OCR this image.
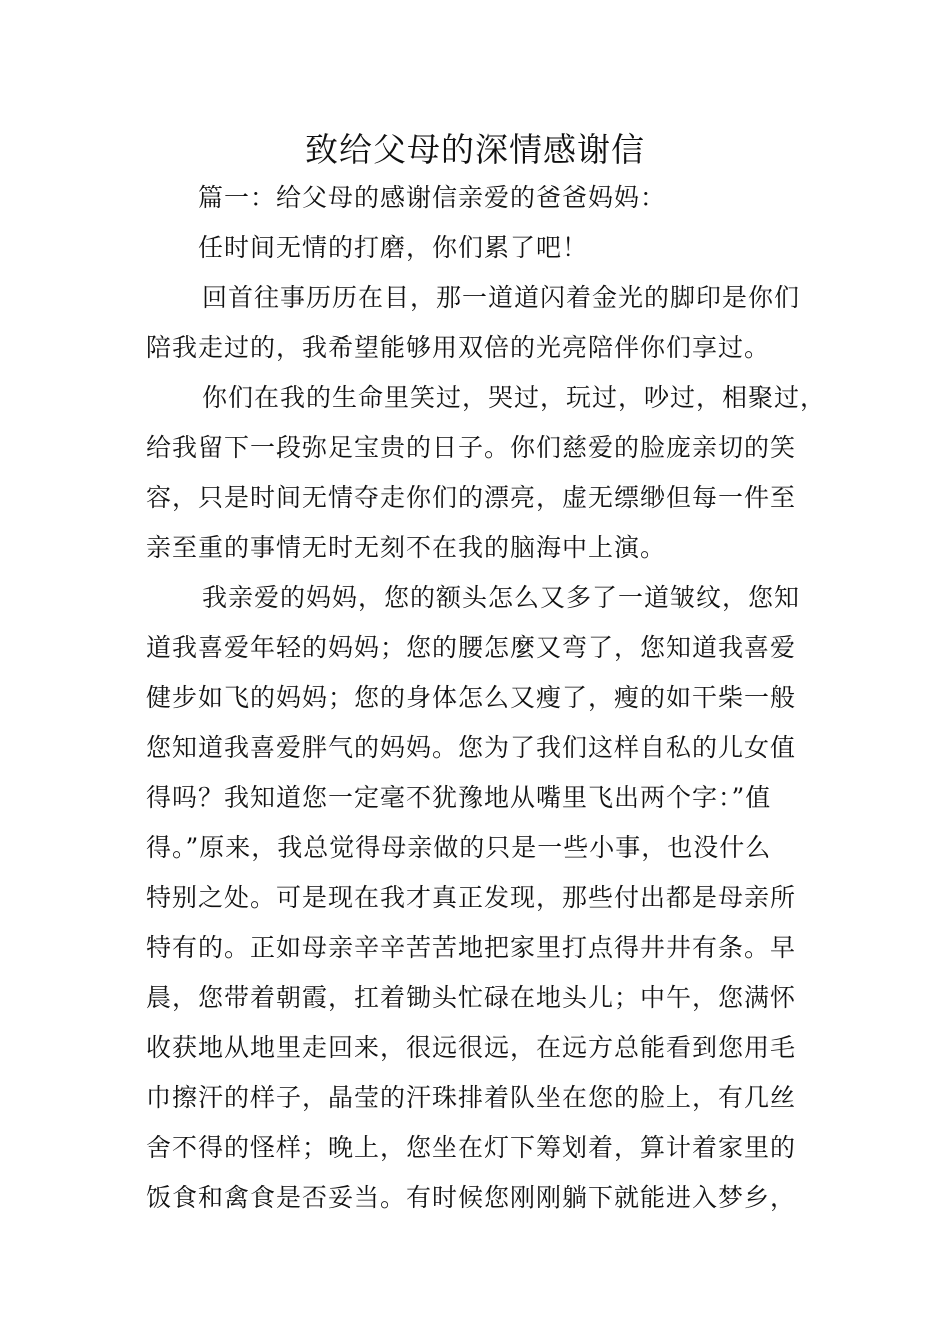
致给父母的深情感谢信
篇一：给父母的感谢信亲爱的爸爸妈妈：
任时间无情的打磨，你们累了吧！
回首往事历历在目，那一道道闪着金光的脚印是你们
陪我走过的，我希望能够用双倍的光亮陪伴你们享过。
你们在我的生命里笑过，哭过，玩过，吵过，相聚过，
给我留下一段弥足宝贵的日子。你们慈爱的脸庞亲切的笑
容，只是时间无情夺走你们的漂亮，虚无缥缈但每一件至
亲至重的事情无时无刻不在我的脑海中上演。
我亲爱的妈妈，您的额头怎么又多了一道皱纹，您知
道我喜爱年轻的妈妈；您的腰怎麼又弯了，您知道我喜爱
健步如飞的妈妈；您的身体怎么又瘦了，瘦的如干柴一般
您知道我喜爱胖气的妈妈。您为了我们这样自私的儿女值
得吗？我知道您一定毫不犹豫地从嘴里飞出两个字：”值
得。”原来，我总觉得母亲做的只是一些小事，也没什么
特别之处。可是现在我才真正发现，那些付出都是母亲所
特有的。正如母亲辛辛苦苦地把家里打点得井井有条。早
晨，您带着朝霞，扛着锄头忙碌在地头儿；中午，您满怀
收获地从地里走回来，很远很远，在远方总能看到您用毛
巾擦汗的样子，晶莹的汗珠排着队坐在您的脸上，有几丝
舍不得的怪样；晚上，您坐在灯下筹划着，算计着家里的
饭食和禽食是否妥当。有时候您刚刚躺下就能进入梦乡，
